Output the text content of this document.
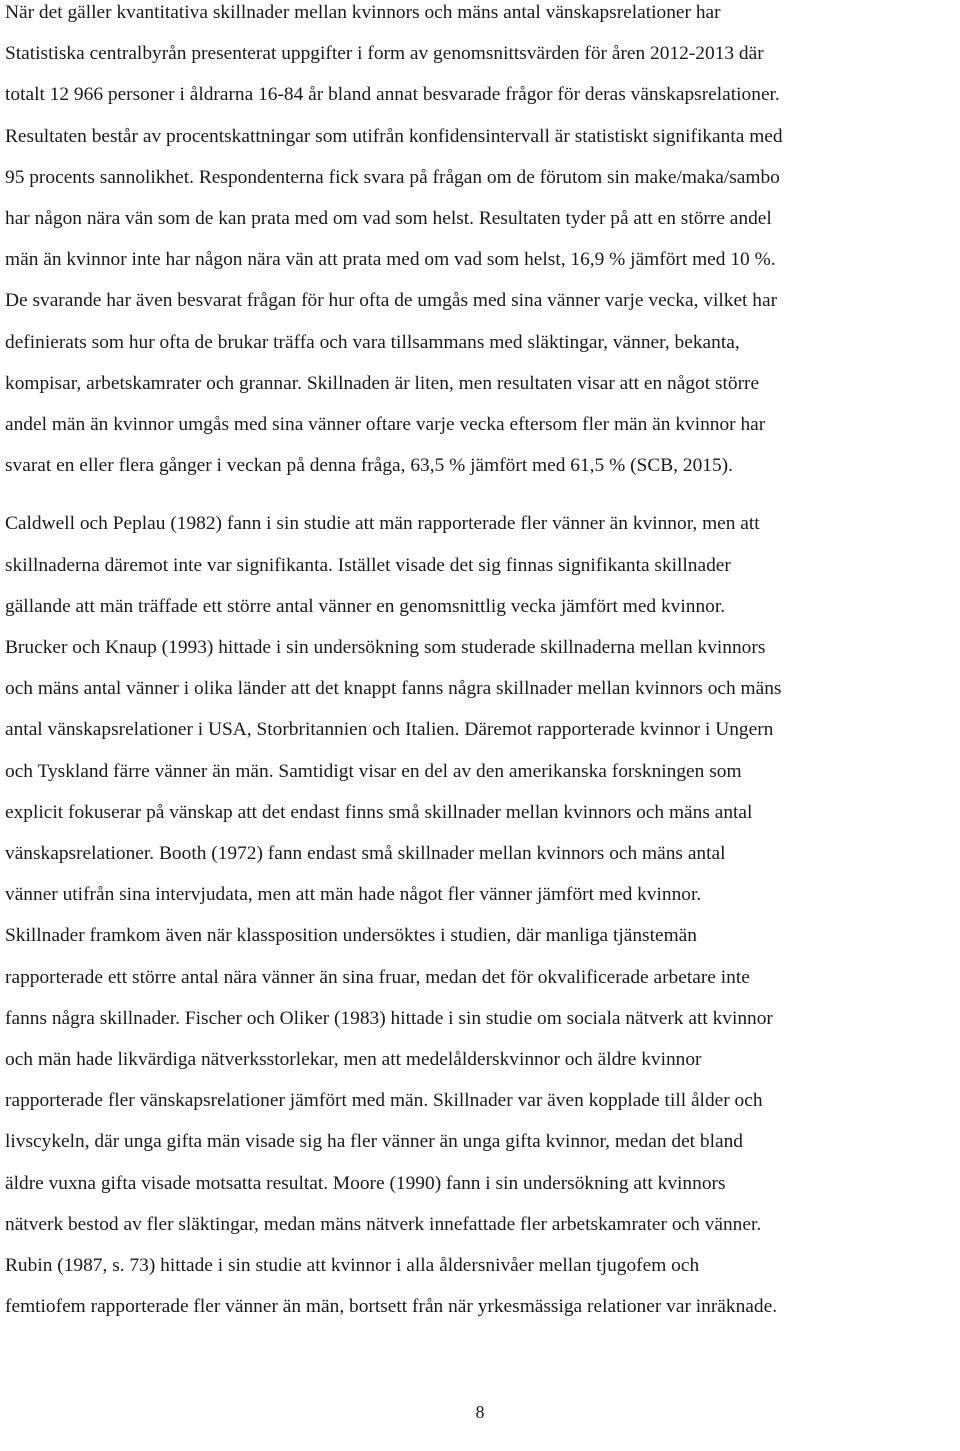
När det gäller kvantitativa skillnader mellan kvinnors och mäns antal vänskapsrelationer har
Statistiska centralbyrån presenterat uppgifter i form av genomsnittsvärden för åren 2012-2013 där
totalt 12 966 personer i åldrarna 16-84 år bland annat besvarade frågor för deras vänskapsrelationer.
Resultaten består av procentskattningar som utifrån konfidensintervall är statistiskt signifikanta med
95 procents sannolikhet. Respondenterna fick svara på frågan om de förutom sin make/maka/sambo
har någon nära vän som de kan prata med om vad som helst. Resultaten tyder på att en större andel
män än kvinnor inte har någon nära vän att prata med om vad som helst, 16,9 % jämfört med 10 %.
De svarande har även besvarat frågan för hur ofta de umgås med sina vänner varje vecka, vilket har
definierats som hur ofta de brukar träffa och vara tillsammans med släktingar, vänner, bekanta,
kompisar, arbetskamrater och grannar. Skillnaden är liten, men resultaten visar att en något större
andel män än kvinnor umgås med sina vänner oftare varje vecka eftersom fler män än kvinnor har
svarat en eller flera gånger i veckan på denna fråga, 63,5 % jämfört med 61,5 % (SCB, 2015).

Caldwell och Peplau (1982) fann i sin studie att män rapporterade fler vänner än kvinnor, men att
skillnaderna däremot inte var signifikanta. Istället visade det sig finnas signifikanta skillnader
gällande att män träffade ett större antal vänner en genomsnittlig vecka jämfört med kvinnor.
Brucker och Knaup (1993) hittade i sin undersökning som studerade skillnaderna mellan kvinnors
och mäns antal vänner i olika länder att det knappt fanns några skillnader mellan kvinnors och mäns
antal vänskapsrelationer i USA, Storbritannien och Italien. Däremot rapporterade kvinnor i Ungern
och Tyskland färre vänner än män. Samtidigt visar en del av den amerikanska forskningen som
explicit fokuserar på vänskap att det endast finns små skillnader mellan kvinnors och mäns antal
vänskapsrelationer. Booth (1972) fann endast små skillnader mellan kvinnors och mäns antal
vänner utifrån sina intervjudata, men att män hade något fler vänner jämfört med kvinnor.
Skillnader framkom även när klassposition undersöktes i studien, där manliga tjänstemän
rapporterade ett större antal nära vänner än sina fruar, medan det för okvalificerade arbetare inte
fanns några skillnader. Fischer och Oliker (1983) hittade i sin studie om sociala nätverk att kvinnor
och män hade likvärdiga nätverksstorlekar, men att medelålderskvinnor och äldre kvinnor
rapporterade fler vänskapsrelationer jämfört med män. Skillnader var även kopplade till ålder och
livscykeln, där unga gifta män visade sig ha fler vänner än unga gifta kvinnor, medan det bland
äldre vuxna gifta visade motsatta resultat. Moore (1990) fann i sin undersökning att kvinnors
nätverk bestod av fler släktingar, medan mäns nätverk innefattade fler arbetskamrater och vänner.
Rubin (1987, s. 73) hittade i sin studie att kvinnor i alla åldersnivåer mellan tjugofem och
femtiofem rapporterade fler vänner än män, bortsett från när yrkesmässiga relationer var inräknade.

8
